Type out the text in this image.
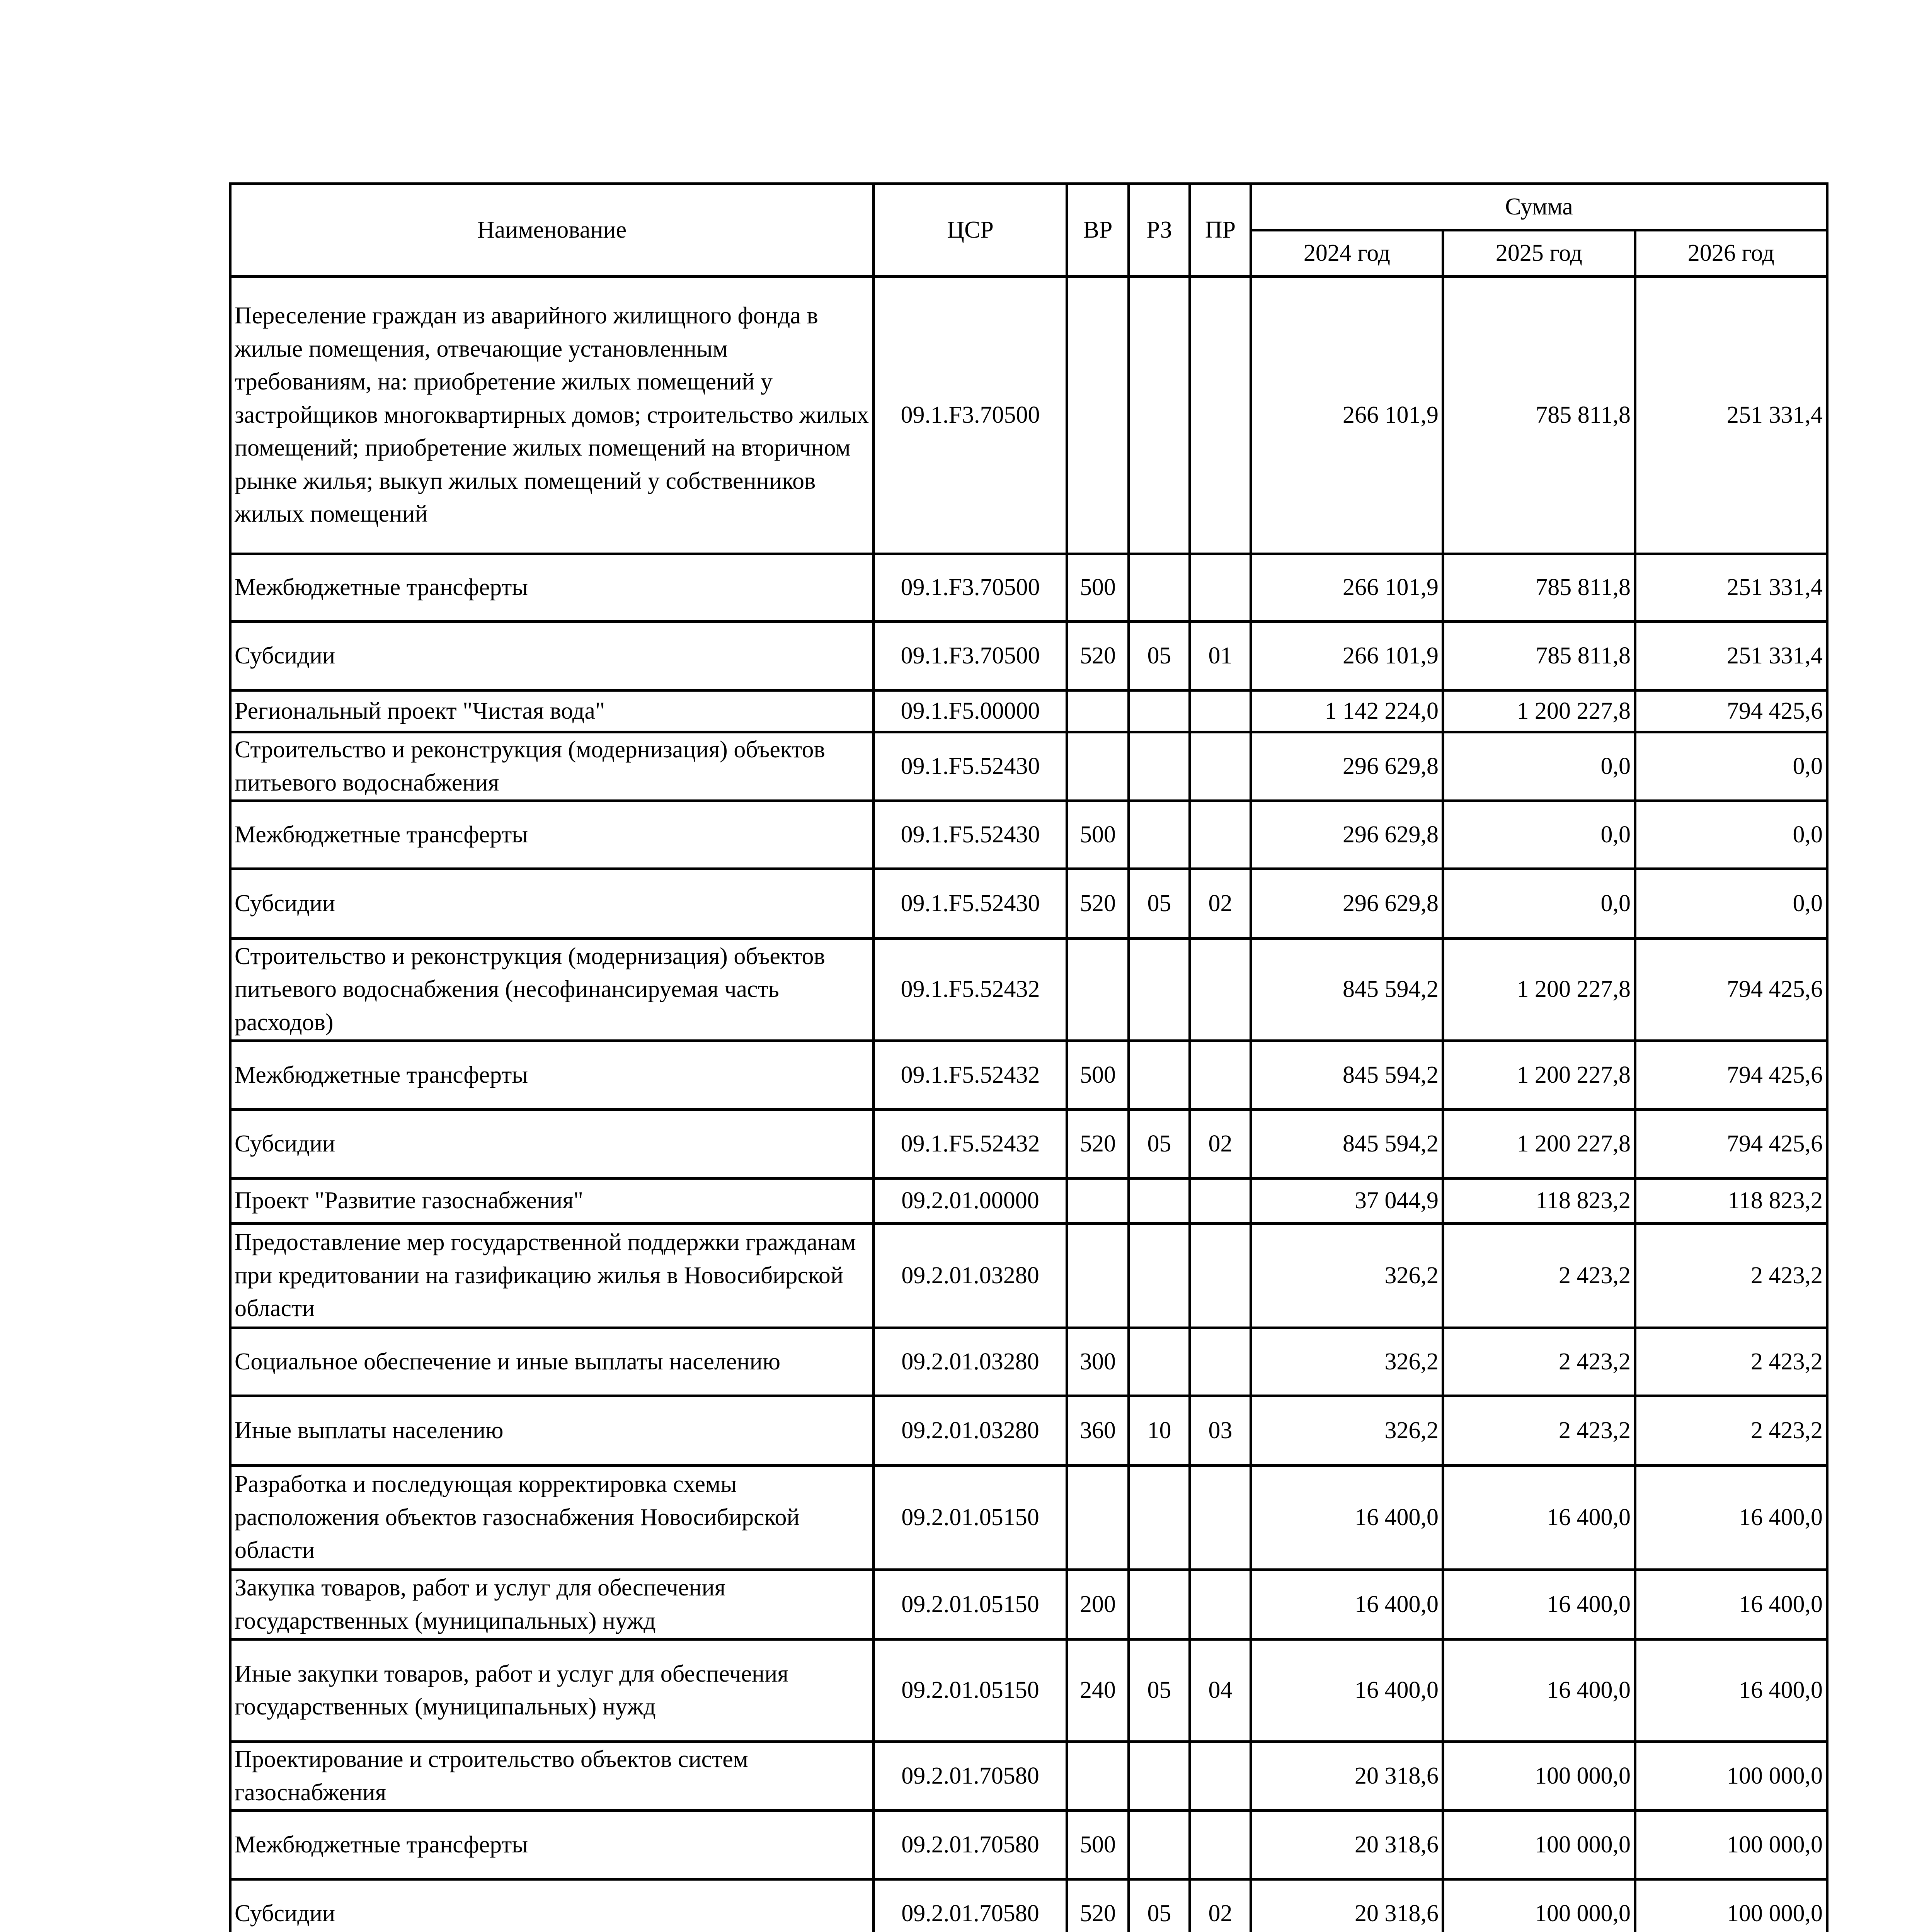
Наименование	ЦСР	ВР	РЗ	ПР	Сумма		
					2024 год	2025 год	2026 год
Переселение граждан из аварийного жилищного фонда в жилые помещения, отвечающие установленным требованиям, на: приобретение жилых помещений у застройщиков многоквартирных домов; строительство жилых помещений; приобретение жилых помещений на вторичном рынке жилья; выкуп жилых помещений у собственников жилых помещений	09.1.F3.70500				266 101,9	785 811,8	251 331,4
Межбюджетные трансферты	09.1.F3.70500	500			266 101,9	785 811,8	251 331,4
Субсидии	09.1.F3.70500	520	05	01	266 101,9	785 811,8	251 331,4
Региональный проект "Чистая вода"	09.1.F5.00000				1 142 224,0	1 200 227,8	794 425,6
Строительство и реконструкция (модернизация) объектов питьевого водоснабжения	09.1.F5.52430				296 629,8	0,0	0,0
Межбюджетные трансферты	09.1.F5.52430	500			296 629,8	0,0	0,0
Субсидии	09.1.F5.52430	520	05	02	296 629,8	0,0	0,0
Строительство и реконструкция (модернизация) объектов питьевого водоснабжения (несофинансируемая часть расходов)	09.1.F5.52432				845 594,2	1 200 227,8	794 425,6
Межбюджетные трансферты	09.1.F5.52432	500			845 594,2	1 200 227,8	794 425,6
Субсидии	09.1.F5.52432	520	05	02	845 594,2	1 200 227,8	794 425,6
Проект "Развитие газоснабжения"	09.2.01.00000				37 044,9	118 823,2	118 823,2
Предоставление мер государственной поддержки гражданам при кредитовании на газификацию жилья в Новосибирской области	09.2.01.03280				326,2	2 423,2	2 423,2
Социальное обеспечение и иные выплаты населению	09.2.01.03280	300			326,2	2 423,2	2 423,2
Иные выплаты населению	09.2.01.03280	360	10	03	326,2	2 423,2	2 423,2
Разработка и последующая корректировка схемы расположения объектов газоснабжения Новосибирской области	09.2.01.05150				16 400,0	16 400,0	16 400,0
Закупка товаров, работ и услуг для обеспечения государственных (муниципальных) нужд	09.2.01.05150	200			16 400,0	16 400,0	16 400,0
Иные закупки товаров, работ и услуг для обеспечения государственных (муниципальных) нужд	09.2.01.05150	240	05	04	16 400,0	16 400,0	16 400,0
Проектирование и строительство объектов систем газоснабжения	09.2.01.70580				20 318,6	100 000,0	100 000,0
Межбюджетные трансферты	09.2.01.70580	500			20 318,6	100 000,0	100 000,0
Субсидии	09.2.01.70580	520	05	02	20 318,6	100 000,0	100 000,0
